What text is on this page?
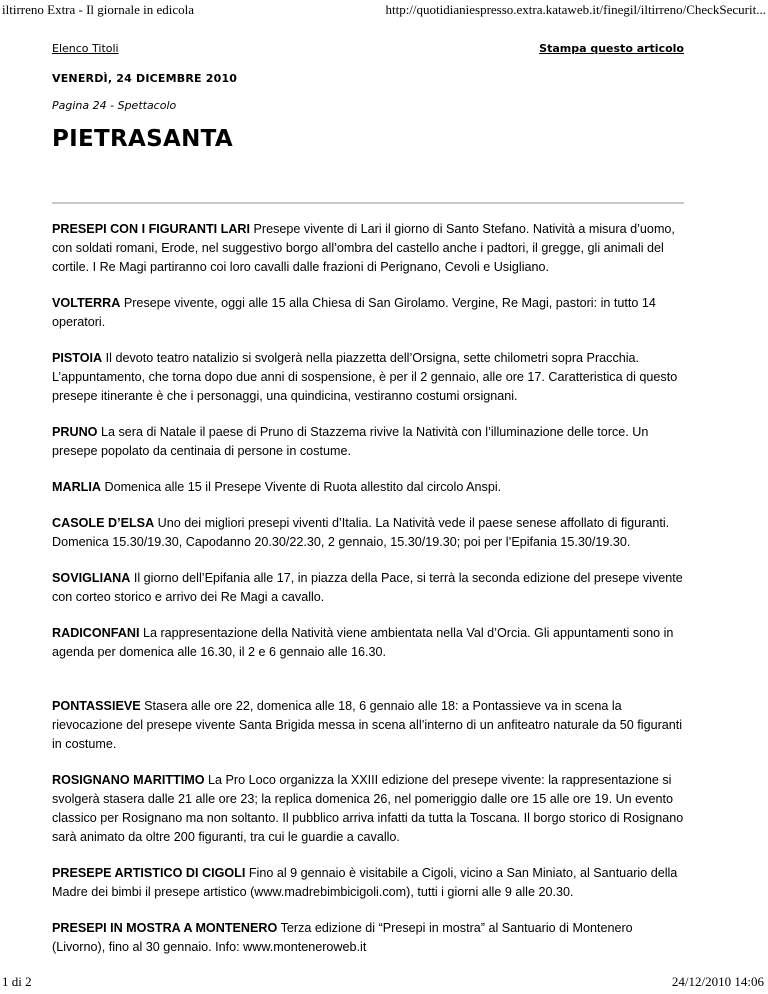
iltirreno Extra - Il giornale in edicola	http://quotidianiespresso.extra.kataweb.it/finegil/iltirreno/CheckSecurit...
Elenco Titoli	Stampa questo articolo
VENERDÌ, 24 DICEMBRE 2010
Pagina 24 - Spettacolo
PIETRASANTA

PRESEPI CON I FIGURANTI LARI Presepe vivente di Lari il giorno di Santo Stefano. Natività a misura d’uomo, con soldati romani, Erode, nel suggestivo borgo all’ombra del castello anche i padtori, il gregge, gli animali del cortile. I Re Magi partiranno coi loro cavalli dalle frazioni di Perignano, Cevoli e Usigliano.

VOLTERRA Presepe vivente, oggi alle 15 alla Chiesa di San Girolamo. Vergine, Re Magi, pastori: in tutto 14 operatori.

PISTOIA Il devoto teatro natalizio si svolgerà nella piazzetta dell’Orsigna, sette chilometri sopra Pracchia. L’appuntamento, che torna dopo due anni di sospensione, è per il 2 gennaio, alle ore 17. Caratteristica di questo presepe itinerante è che i personaggi, una quindicina, vestiranno costumi orsignani.

PRUNO La sera di Natale il paese di Pruno di Stazzema rivive la Natività con l’illuminazione delle torce. Un presepe popolato da centinaia di persone in costume.

MARLIA Domenica alle 15 il Presepe Vivente di Ruota allestito dal circolo Anspi.

CASOLE D’ELSA Uno dei migliori presepi viventi d’Italia. La Natività vede il paese senese affollato di figuranti. Domenica 15.30/19.30, Capodanno 20.30/22.30, 2 gennaio, 15.30/19.30; poi per l’Epifania 15.30/19.30.

SOVIGLIANA Il giorno dell’Epifania alle 17, in piazza della Pace, si terrà la seconda edizione del presepe vivente con corteo storico e arrivo dei Re Magi a cavallo.

RADICONFANI La rappresentazione della Natività viene ambientata nella Val d’Orcia. Gli appuntamenti sono in agenda per domenica alle 16.30, il 2 e 6 gennaio alle 16.30.

PONTASSIEVE Stasera alle ore 22, domenica alle 18, 6 gennaio alle 18: a Pontassieve va in scena la rievocazione del presepe vivente Santa Brigida messa in scena all’interno di un anfiteatro naturale da 50 figuranti in costume.

ROSIGNANO MARITTIMO La Pro Loco organizza la XXIII edizione del presepe vivente: la rappresentazione si svolgerà stasera dalle 21 alle ore 23; la replica domenica 26, nel pomeriggio dalle ore 15 alle ore 19. Un evento classico per Rosignano ma non soltanto. Il pubblico arriva infatti da tutta la Toscana. Il borgo storico di Rosignano sarà animato da oltre 200 figuranti, tra cui le guardie a cavallo.

PRESEPE ARTISTICO DI CIGOLI Fino al 9 gennaio è visitabile a Cigoli, vicino a San Miniato, al Santuario della Madre dei bimbi il presepe artistico (www.madrebimbicigoli.com), tutti i giorni alle 9 alle 20.30.

PRESEPI IN MOSTRA A MONTENERO Terza edizione di “Presepi in mostra” al Santuario di Montenero (Livorno), fino al 30 gennaio. Info: www.monteneroweb.it

1 di 2	24/12/2010 14:06
